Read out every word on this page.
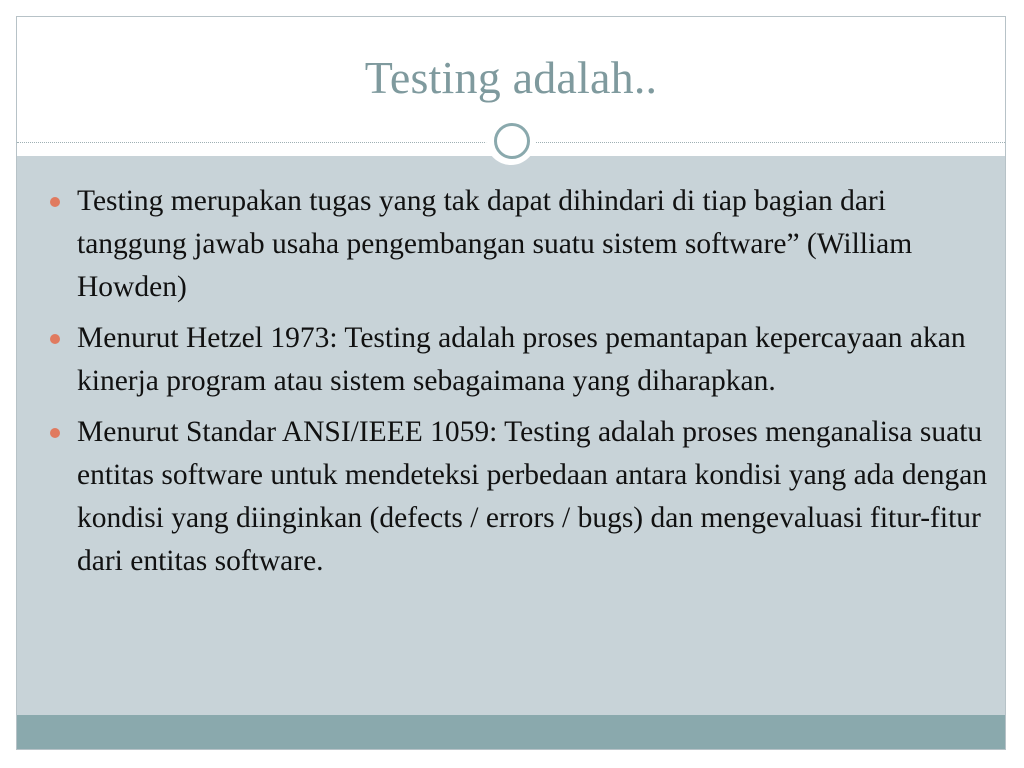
Testing adalah..
Testing merupakan tugas yang tak dapat dihindari di tiap bagian dari tanggung jawab usaha pengembangan suatu sistem software” (William Howden)
Menurut Hetzel 1973: Testing adalah proses pemantapan kepercayaan akan kinerja program atau sistem sebagaimana yang diharapkan.
Menurut Standar ANSI/IEEE 1059: Testing adalah proses menganalisa suatu entitas software untuk mendeteksi perbedaan antara kondisi yang ada dengan kondisi yang diinginkan (defects / errors / bugs) dan mengevaluasi fitur-fitur dari entitas software.
